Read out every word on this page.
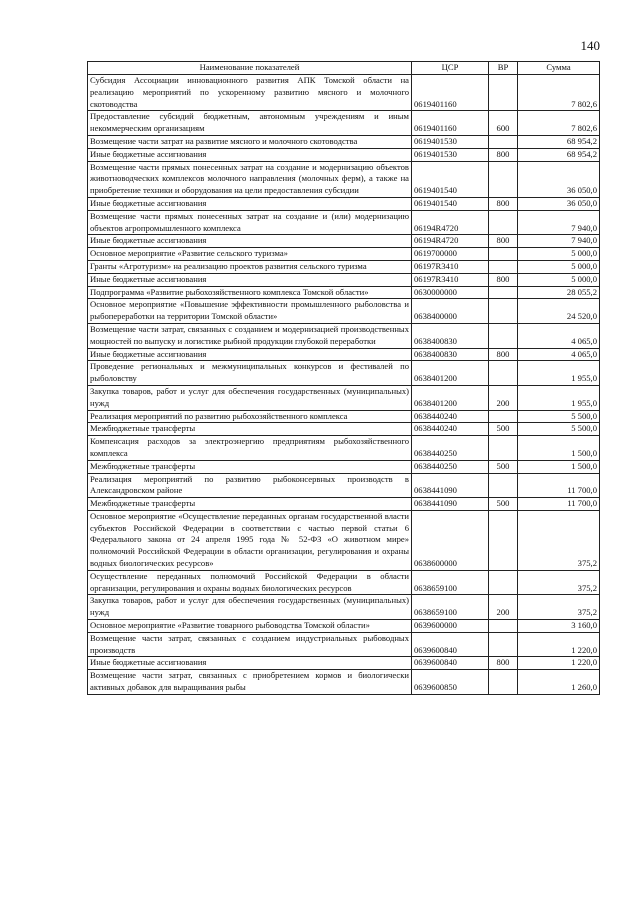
140
Наименование показателей	ЦСР	ВР	Сумма
Субсидия Ассоциации инновационного развития АПК Томской области на реализацию мероприятий по ускоренному развитию мясного и молочного скотоводства	0619401160		7 802,6
Предоставление субсидий бюджетным, автономным учреждениям и иным некоммерческим организациям	0619401160	600	7 802,6
Возмещение части затрат на развитие мясного и молочного скотоводства	0619401530		68 954,2
Иные бюджетные ассигнования	0619401530	800	68 954,2
Возмещение части прямых понесенных затрат на создание и модернизацию объектов животноводческих комплексов молочного направления (молочных ферм), а также на приобретение техники и оборудования на цели предоставления субсидии	0619401540		36 050,0
Иные бюджетные ассигнования	0619401540	800	36 050,0
Возмещение части прямых понесенных затрат на создание и (или) модернизацию объектов агропромышленного комплекса	06194R4720		7 940,0
Иные бюджетные ассигнования	06194R4720	800	7 940,0
Основное мероприятие «Развитие сельского туризма»	0619700000		5 000,0
Гранты «Агротуризм» на реализацию проектов развития сельского туризма	06197R3410		5 000,0
Иные бюджетные ассигнования	06197R3410	800	5 000,0
Подпрограмма «Развитие рыбохозяйственного комплекса Томской области»	0630000000		28 055,2
Основное мероприятие «Повышение эффективности промышленного рыболовства и рыбопереработки на территории Томской области»	0638400000		24 520,0
Возмещение части затрат, связанных с созданием и модернизацией производственных мощностей по выпуску и логистике рыбной продукции глубокой переработки	0638400830		4 065,0
Иные бюджетные ассигнования	0638400830	800	4 065,0
Проведение региональных и межмуниципальных конкурсов и фестивалей по рыболовству	0638401200		1 955,0
Закупка товаров, работ и услуг для обеспечения государственных (муниципальных) нужд	0638401200	200	1 955,0
Реализация мероприятий по развитию рыбохозяйственного комплекса	0638440240		5 500,0
Межбюджетные трансферты	0638440240	500	5 500,0
Компенсация расходов за электроэнергию предприятиям рыбохозяйственного комплекса	0638440250		1 500,0
Межбюджетные трансферты	0638440250	500	1 500,0
Реализация мероприятий по развитию рыбоконсервных производств в Александровском районе	0638441090		11 700,0
Межбюджетные трансферты	0638441090	500	11 700,0
Основное мероприятие «Осуществление переданных органам государственной власти субъектов Российской Федерации в соответствии с частью первой статьи 6 Федерального закона от 24 апреля 1995 года № 52-ФЗ «О животном мире» полномочий Российской Федерации в области организации, регулирования и охраны водных биологических ресурсов»	0638600000		375,2
Осуществление переданных полномочий Российской Федерации в области организации, регулирования и охраны водных биологических ресурсов	0638659100		375,2
Закупка товаров, работ и услуг для обеспечения государственных (муниципальных) нужд	0638659100	200	375,2
Основное мероприятие «Развитие товарного рыбоводства Томской области»	0639600000		3 160,0
Возмещение части затрат, связанных с созданием индустриальных рыбоводных производств	0639600840		1 220,0
Иные бюджетные ассигнования	0639600840	800	1 220,0
Возмещение части затрат, связанных с приобретением кормов и биологически активных добавок для выращивания рыбы	0639600850		1 260,0
